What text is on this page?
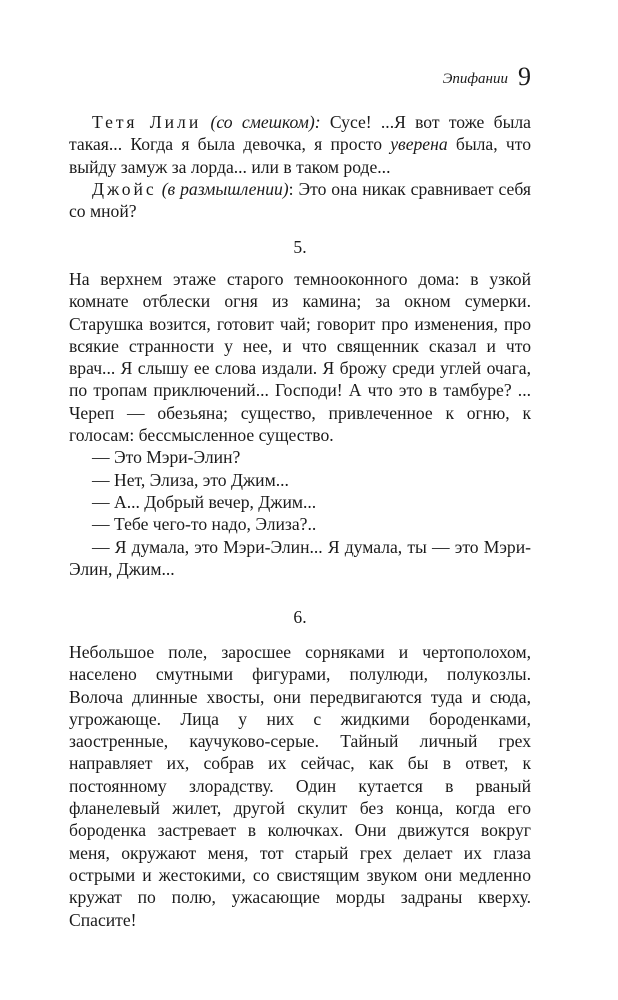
Эпифании 9

Тетя Лили (со смешком): Сусе! ...Я вот тоже была такая... Когда я была девочка, я просто уверена была, что выйду замуж за лорда... или в таком роде...

Джойс (в размышлении): Это она никак сравнивает себя со мной?

5.

На верхнем этаже старого темнооконного дома: в узкой комнате отблески огня из камина; за окном сумерки. Старушка возится, готовит чай; говорит про изменения, про всякие странности у нее, и что священник сказал и что врач... Я слышу ее слова издали. Я брожу среди углей очага, по тропам приключений... Господи! А что это в тамбуре? ... Череп — обезьяна; существо, привлеченное к огню, к голосам: бессмысленное существо.

— Это Мэри-Элин?

— Нет, Элиза, это Джим...

— А... Добрый вечер, Джим...

— Тебе чего-то надо, Элиза?..

— Я думала, это Мэри-Элин... Я думала, ты — это Мэри-Элин, Джим...

6.

Небольшое поле, заросшее сорняками и чертополохом, населено смутными фигурами, полулюди, полукозлы. Волоча длинные хвосты, они передвигаются туда и сюда, угрожающе. Лица у них с жидкими бороденками, заостренные, каучуково-серые. Тайный личный грех направляет их, собрав их сейчас, как бы в ответ, к постоянному злорадству. Один кутается в рваный фланелевый жилет, другой скулит без конца, когда его бороденка застревает в колючках. Они движутся вокруг меня, окружают меня, тот старый грех делает их глаза острыми и жестокими, со свистящим звуком они медленно кружат по полю, ужасающие морды задраны кверху. Спасите!
